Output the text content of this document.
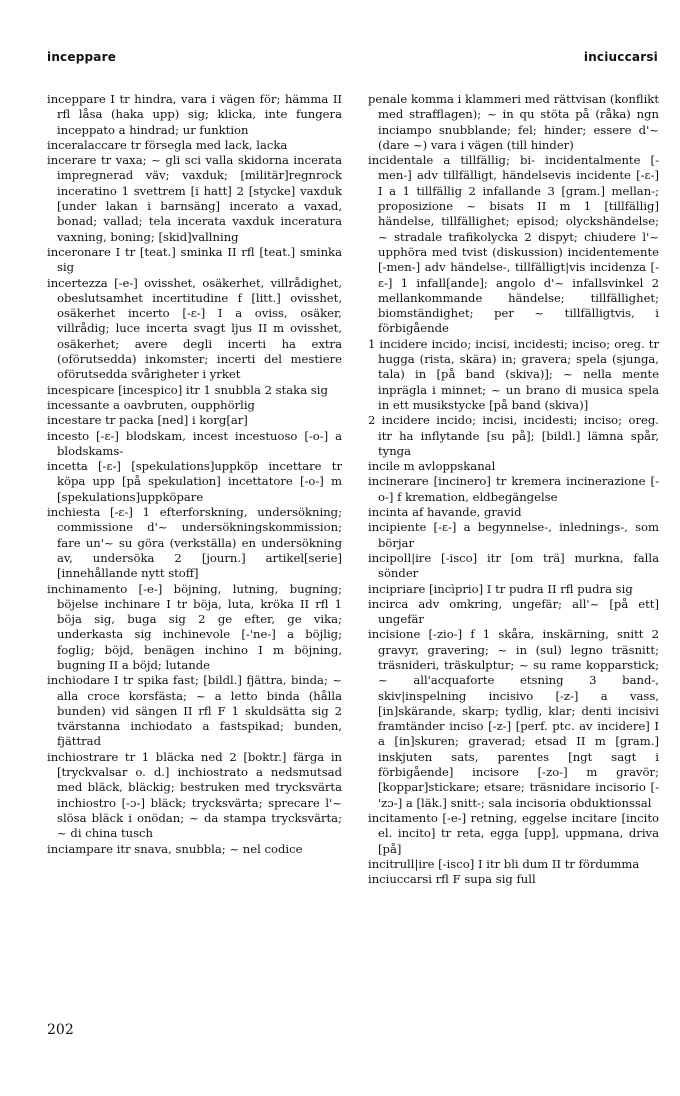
inceppare	inciuccarsi
inceppare I tr hindra, vara i vägen för; hämma II rfl låsa (haka upp) sig; klicka, inte fungera inceppato a hindrad; ur funktion
inceralaccare tr försegla med lack, lacka
incerare tr vaxa; ~ gli sci valla skidorna incerata impregnerad väv; vaxduk; [militär]regnrock inceratino 1 svettrem [i hatt] 2 [stycke] vaxduk [under lakan i barnsäng] incerato a vaxad, bonad; vallad; tela incerata vaxduk inceratura vaxning, boning; [skid]vallning
inceronare I tr [teat.] sminka II rfl [teat.] sminka sig
incertezza [-e-] ovisshet, osäkerhet, villrådighet, obeslutsamhet incertitudine f [litt.] ovisshet, osäkerhet incerto [-ɛ-] I a oviss, osäker, villrådig; luce incerta svagt ljus II m ovisshet, osäkerhet; avere degli incerti ha extra (oförutsedda) inkomster; incerti del mestiere oförutsedda svårigheter i yrket
incespicare [incespico] itr 1 snubbla 2 staka sig
incessante a oavbruten, oupphörlig
incestare tr packa [ned] i korg[ar]
incesto [-ɛ-] blodskam, incest incestuoso [-o-] a blodskams-
incetta [-ɛ-] [spekulations]uppköp incettare tr köpa upp [på spekulation] incettatore [-o-] m [spekulations]uppköpare
inchiesta [-ɛ-] 1 efterforskning, undersökning; commissione d'~ undersökningskommission; fare un'~ su göra (verkställa) en undersökning av, undersöka 2 [journ.] artikel[serie] [innehållande nytt stoff]
inchinamento [-e-] böjning, lutning, bugning; böjelse inchinare I tr böja, luta, kröka II rfl 1 böja sig, buga sig 2 ge efter, ge vika; underkasta sig inchinevole [-'ne-] a böjlig; foglig; böjd, benägen inchino I m böjning, bugning II a böjd; lutande
inchiodare I tr spika fast; [bildl.] fjättra, binda; ~ alla croce korsfästa; ~ a letto binda (hålla bunden) vid sängen II rfl F 1 skuldsätta sig 2 tvärstanna inchiodato a fastspikad; bunden, fjättrad
inchiostrare tr 1 bläcka ned 2 [boktr.] färga in [tryckvalsar o. d.] inchiostrato a nedsmutsad med bläck, bläckig; bestruken med trycksvärta inchiostro [-ɔ-] bläck; trycksvärta; sprecare l'~ slösa bläck i onödan; ~ da stampa trycksvärta; ~ di china tusch
inciampare itr snava, snubbla; ~ nel codice
penale komma i klammeri med rättvisan (konflikt med strafflagen); ~ in qu stöta på (råka) ngn inciampo snubblande; fel; hinder; essere d'~ (dare ~) vara i vägen (till hinder)
incidentale a tillfällig; bi- incidentalmente [-men-] adv tillfälligt, händelsevis incidente [-ɛ-] I a 1 tillfällig 2 infallande 3 [gram.] mellan-; proposizione ~ bisats II m 1 [tillfällig] händelse, tillfällighet; episod; olyckshändelse; ~ stradale trafikolycka 2 dispyt; chiudere l'~ upphöra med tvist (diskussion) incidentemente [-men-] adv händelse-, tillfälligt|vis incidenza [-ɛ-] 1 infall[ande]; angolo d'~ infallsvinkel 2 mellankommande händelse; tillfällighet; biomständighet; per ~ tillfälligtvis, i förbigående
1 incidere incido; incisi, incidesti; inciso; oreg. tr hugga (rista, skära) in; gravera; spela (sjunga, tala) in [på band (skiva)]; ~ nella mente inprägla i minnet; ~ un brano di musica spela in ett musikstycke [på band (skiva)]
2 incidere incido; incisi, incidesti; inciso; oreg. itr ha inflytande [su på]; [bildl.] lämna spår, tynga
incile m avloppskanal
incinerare [incinero] tr kremera incinerazione [-o-] f kremation, eldbegängelse
incinta af havande, gravid
incipiente [-ɛ-] a begynnelse-, inlednings-, som börjar
incipoll|ire [-isco] itr [om trä] murkna, falla sönder
incipriare [incìprio] I tr pudra II rfl pudra sig
incirca adv omkring, ungefär; all'~ [på ett] ungefär
incisione [-zio-] f 1 skåra, inskärning, snitt 2 gravyr, gravering; ~ in (sul) legno träsnitt; träsnideri, träskulptur; ~ su rame kopparstick; ~ all'acquaforte etsning 3 band-, skiv|inspelning incisivo [-z-] a vass, [in]skärande, skarp; tydlig, klar; denti incisivi framtänder inciso [-z-] [perf. ptc. av incidere] I a [in]skuren; graverad; etsad II m [gram.] inskjuten sats, parentes [ngt sagt i förbigående] incisore [-zo-] m gravör; [koppar]stickare; etsare; träsnidare incisorio [-'zɔ-] a [läk.] snitt-; sala incisoria obduktionssal
incitamento [-e-] retning, eggelse incitare [incito el. incito] tr reta, egga [upp], uppmana, driva [på]
incitrull|ire [-isco] I itr bli dum II tr fördumma
inciuccarsi rfl F supa sig full
202
